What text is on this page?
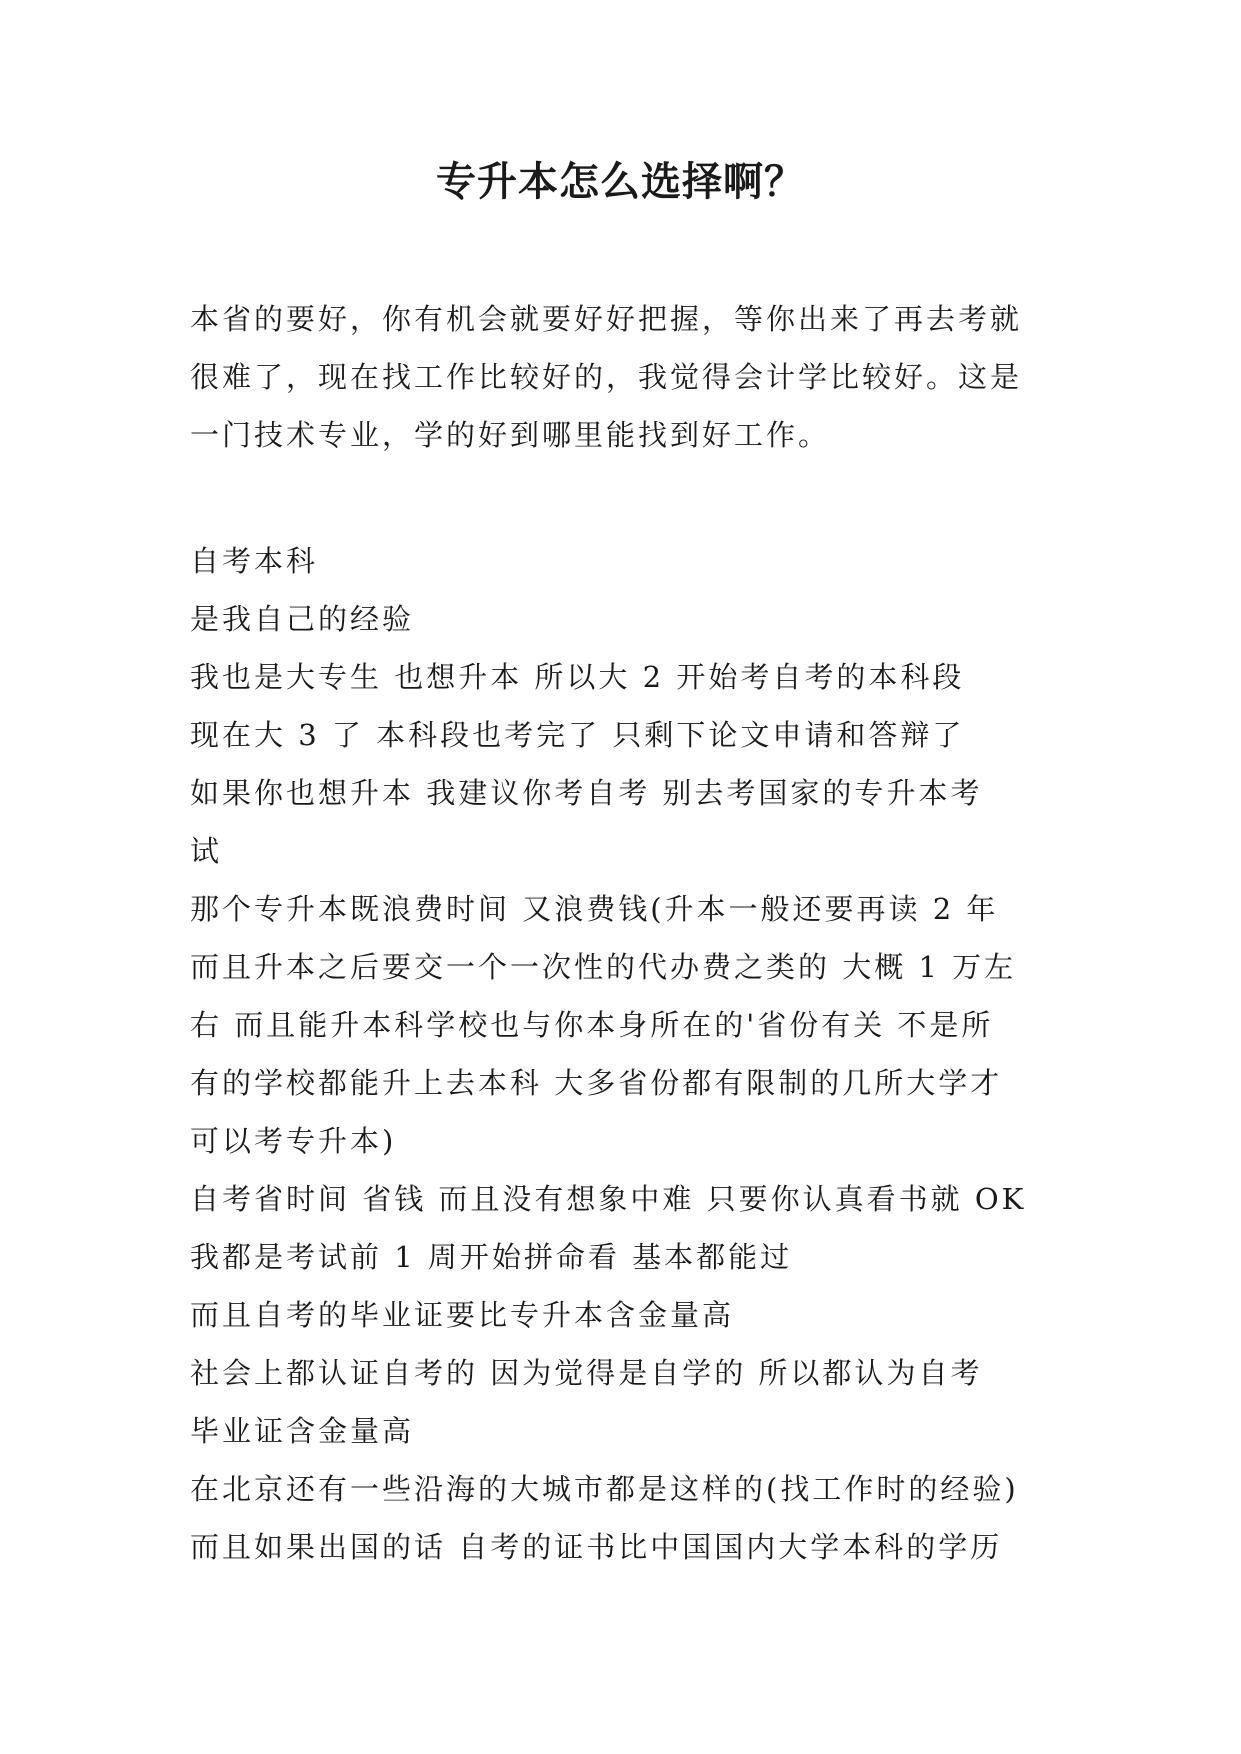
专升本怎么选择啊？

本省的要好，你有机会就要好好把握，等你出来了再去考就

很难了，现在找工作比较好的，我觉得会计学比较好。这是

一门技术专业，学的好到哪里能找到好工作。

自考本科

是我自己的经验

我也是大专生 也想升本 所以大 2 开始考自考的本科段

现在大 3 了 本科段也考完了 只剩下论文申请和答辩了

如果你也想升本 我建议你考自考 别去考国家的专升本考

试

那个专升本既浪费时间 又浪费钱(升本一般还要再读 2 年

而且升本之后要交一个一次性的代办费之类的 大概 1 万左

右 而且能升本科学校也与你本身所在的'省份有关 不是所

有的学校都能升上去本科 大多省份都有限制的几所大学才

可以考专升本)

自考省时间 省钱 而且没有想象中难 只要你认真看书就 OK

我都是考试前 1 周开始拼命看 基本都能过

而且自考的毕业证要比专升本含金量高

社会上都认证自考的 因为觉得是自学的 所以都认为自考

毕业证含金量高

在北京还有一些沿海的大城市都是这样的(找工作时的经验)

而且如果出国的话 自考的证书比中国国内大学本科的学历
